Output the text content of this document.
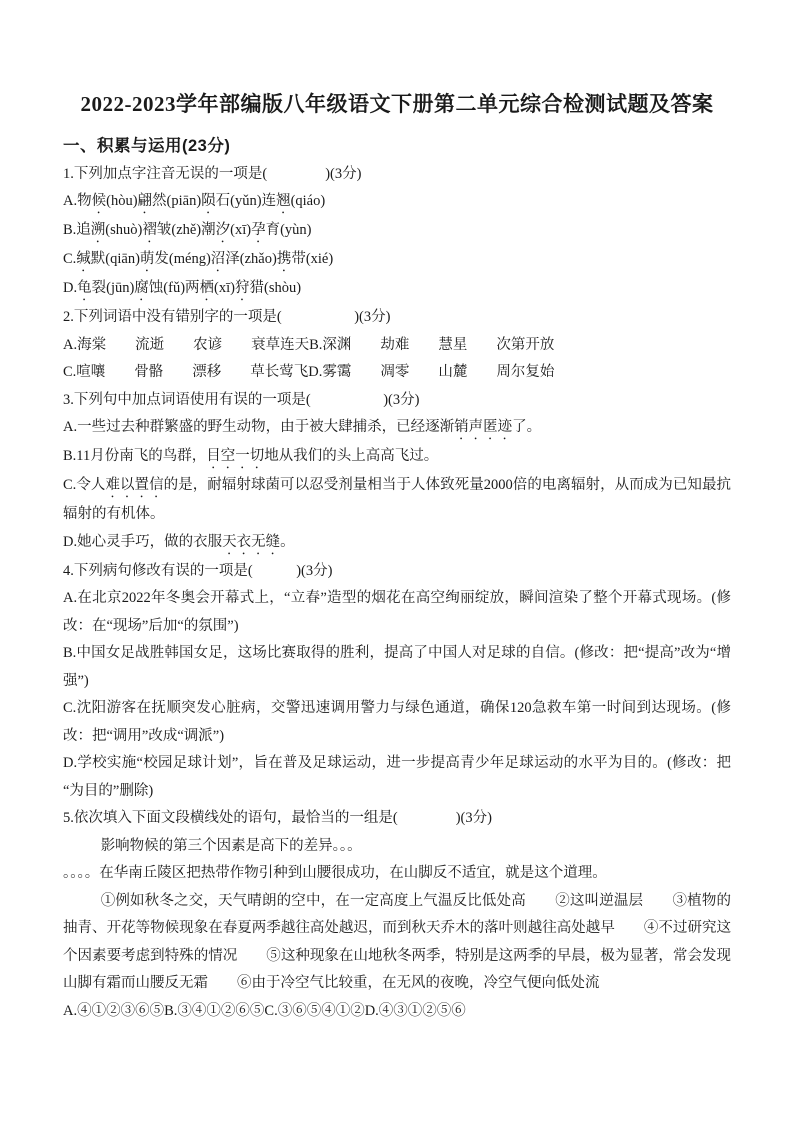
2022-2023学年部编版八年级语文下册第二单元综合检测试题及答案

一、积累与运用(23分)

1.下列加点字注音无误的一项是(　　　　)(3分)

A.物候(hòu)翩然(piān)陨石(yǔn)连翘(qiáo)

B.追溯(shuò)褶皱(zhě)潮汐(xī)孕育(yùn)

C.缄默(qiān)萌发(méng)沼泽(zhǎo)携带(xié)

D.龟裂(jūn)腐蚀(fǔ)两栖(xī)狩猎(shòu)

2.下列词语中没有错别字的一项是(　　　　　)(3分)

A.海棠　　流逝　　农谚　　衰草连天B.深渊　　劫难　　慧星　　次第开放

C.喧嚷　　骨骼　　漂移　　草长莺飞D.雾霭　　凋零　　山麓　　周尔复始

3.下列句中加点词语使用有误的一项是(　　　　　)(3分)

A.一些过去种群繁盛的野生动物，由于被大肆捕杀，已经逐渐销声匿迹了。

B.11月份南飞的鸟群，目空一切地从我们的头上高高飞过。

C.令人难以置信的是，耐辐射球菌可以忍受剂量相当于人体致死量2000倍的电离辐射，从而成为已知最抗辐射的有机体。

D.她心灵手巧，做的衣服天衣无缝。

4.下列病句修改有误的一项是(　　　)(3分)

A.在北京2022年冬奥会开幕式上，“立春”造型的烟花在高空绚丽绽放，瞬间渲染了整个开幕式现场。(修改：在“现场”后加“的氛围”)

B.中国女足战胜韩国女足，这场比赛取得的胜利，提高了中国人对足球的自信。(修改：把“提高”改为“增强”)

C.沈阳游客在抚顺突发心脏病，交警迅速调用警力与绿色通道，确保120急救车第一时间到达现场。(修改：把“调用”改成“调派”)

D.学校实施“校园足球计划”，旨在普及足球运动，进一步提高青少年足球运动的水平为目的。(修改：把“为目的”删除)

5.依次填入下面文段横线处的语句，最恰当的一组是(　　　　)(3分)

影响物候的第三个因素是高下的差异。。。

。。。。在华南丘陵区把热带作物引种到山腰很成功，在山脚反不适宜，就是这个道理。

①例如秋冬之交，天气晴朗的空中，在一定高度上气温反比低处高　　②这叫逆温层　　③植物的抽青、开花等物候现象在春夏两季越往高处越迟，而到秋天乔木的落叶则越往高处越早　　④不过研究这个因素要考虑到特殊的情况　　⑤这种现象在山地秋冬两季，特别是这两季的早晨，极为显著，常会发现山脚有霜而山腰反无霜　　⑥由于冷空气比较重，在无风的夜晚，冷空气便向低处流

A.④①②③⑥⑤B.③④①②⑥⑤C.③⑥⑤④①②D.④③①②⑤⑥
